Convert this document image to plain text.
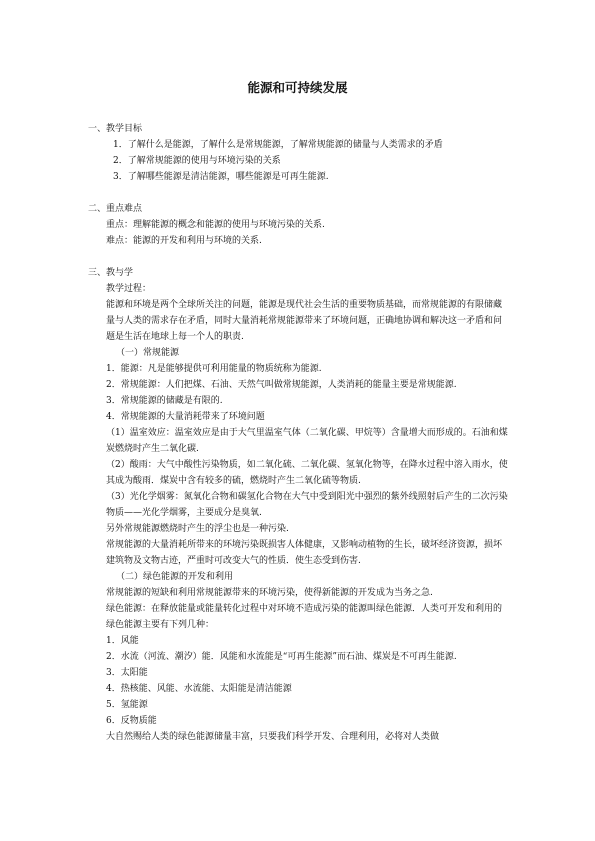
能源和可持续发展
一、教学目标
1．了解什么是能源，了解什么是常规能源，了解常规能源的储量与人类需求的矛盾
2．了解常规能源的使用与环境污染的关系
3．了解哪些能源是清洁能源，哪些能源是可再生能源.
二、重点难点
重点：理解能源的概念和能源的使用与环境污染的关系.
难点：能源的开发和利用与环境的关系.
三、教与学
教学过程：
能源和环境是两个全球所关注的问题，能源是现代社会生活的重要物质基础，而常规能源的有限储藏量与人类的需求存在矛盾，同时大量消耗常规能源带来了环境问题，正确地协调和解决这一矛盾和问题是生活在地球上每一个人的职责.
（一）常规能源
1．能源：凡是能够提供可利用能量的物质统称为能源.
2．常规能源：人们把煤、石油、天然气叫做常规能源，人类消耗的能量主要是常规能源.
3．常规能源的储藏是有限的.
4．常规能源的大量消耗带来了环境问题
（1）温室效应：温室效应是由于大气里温室气体（二氧化碳、甲烷等）含量增大而形成的。石油和煤炭燃烧时产生二氧化碳.
（2）酸雨：大气中酸性污染物质，如二氧化硫、二氧化碳、氢氧化物等，在降水过程中溶入雨水，使其成为酸雨．煤炭中含有较多的硫，燃烧时产生二氧化硫等物质.
（3）光化学烟雾：氮氧化合物和碳氢化合物在大气中受到阳光中强烈的紫外线照射后产生的二次污染物质——光化学烟雾，主要成分是臭氧.
另外常规能源燃烧时产生的浮尘也是一种污染.
常规能源的大量消耗所带来的环境污染既损害人体健康，又影响动植物的生长，破坏经济资源，损坏建筑物及文物古迹，严重时可改变大气的性质．使生态受到伤害.
（二）绿色能源的开发和利用
常规能源的短缺和利用常规能源带来的环境污染，使得新能源的开发成为当务之急.
绿色能源：在释放能量或能量转化过程中对环境不造成污染的能源叫绿色能源．人类可开发和利用的绿色能源主要有下列几种：
1．风能
2．水流（河流、潮汐）能．风能和水流能是“可再生能源”而石油、煤炭是不可再生能源.
3．太阳能
4．热核能、风能、水流能、太阳能是清洁能源
5．氢能源
6．反物质能
大自然赐给人类的绿色能源储量丰富，只要我们科学开发、合理利用，必将对人类做
